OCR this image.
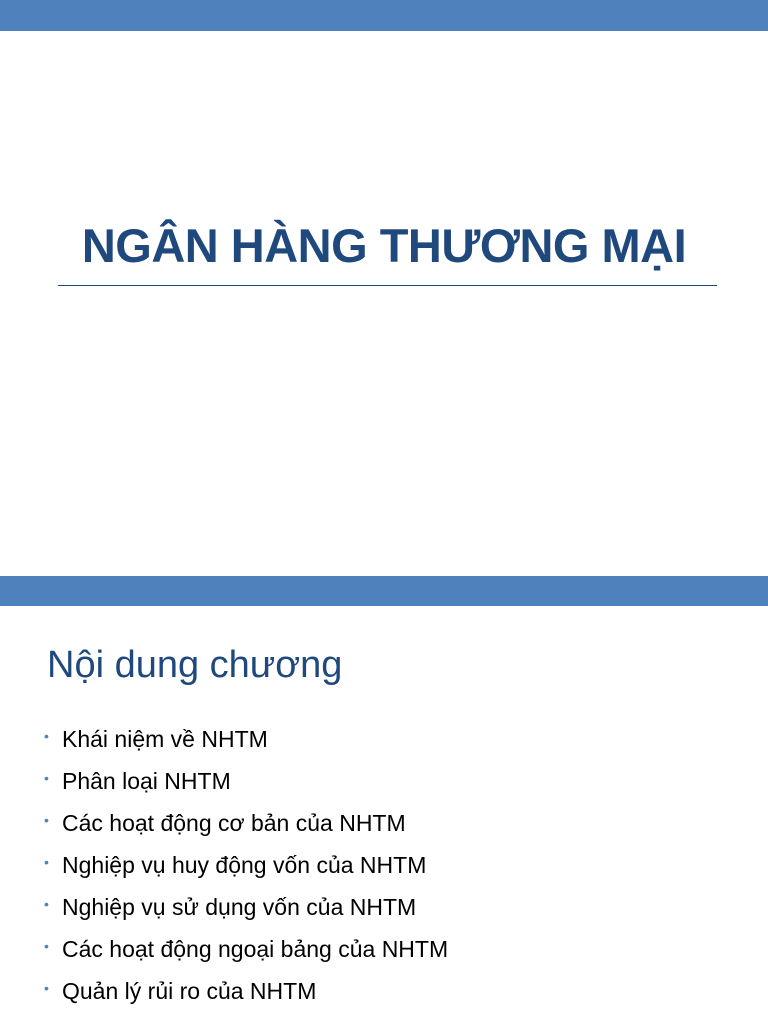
NGÂN HÀNG THƯƠNG MẠI
Nội dung chương
• Khái niệm về NHTM
• Phân loại NHTM
• Các hoạt động cơ bản của NHTM
• Nghiệp vụ huy động vốn của NHTM
• Nghiệp vụ sử dụng vốn của NHTM
• Các hoạt động ngoại bảng của NHTM
• Quản lý rủi ro của NHTM
